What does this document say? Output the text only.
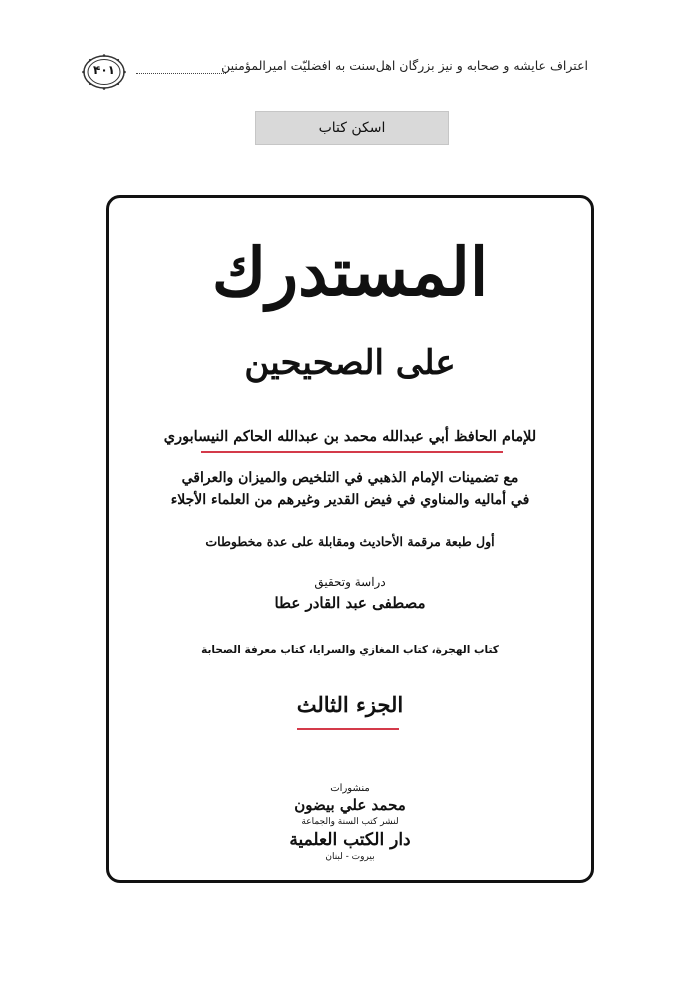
اعتراف عایشه و صحابه و نیز بزرگان اهل‌سنت به افضلیّت امیرالمؤمنین
۴۰۱
اسکن کتاب
المستدرك
على الصحيحين
للإمام الحافظ أبي عبدالله محمد بن عبدالله الحاكم النيسابوري
مع تضمينات الإمام الذهبي في التلخيص والميزان والعراقي
في أماليه والمناوي في فيض القدير وغيرهم من العلماء الأجلاء
أول طبعة مرقمة الأحاديث ومقابلة على عدة مخطوطات
دراسة وتحقيق
مصطفى عبد القادر عطا
كتاب الهجرة، كتاب المغازي والسرايا، كتاب معرفة الصحابة
الجزء الثالث
منشورات
محمد علي بيضون
لنشر كتب السنة والجماعة
دار الكتب العلمية
بيروت - لبنان
